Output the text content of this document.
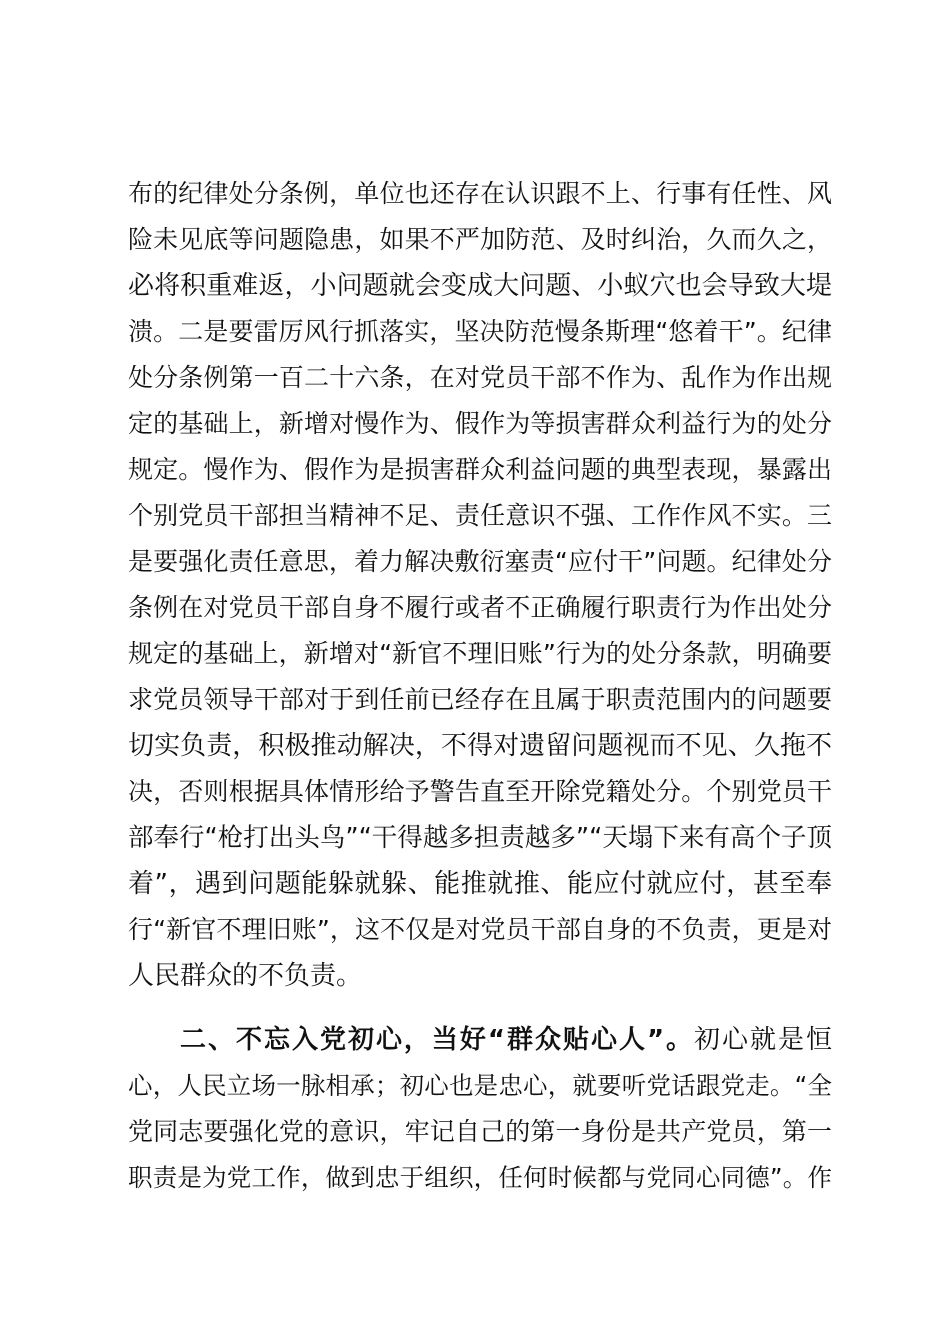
布的纪律处分条例，单位也还存在认识跟不上、行事有任性、风
险未见底等问题隐患，如果不严加防范、及时纠治，久而久之，
必将积重难返，小问题就会变成大问题、小蚁穴也会导致大堤
溃。二是要雷厉风行抓落实，坚决防范慢条斯理“悠着干”。纪律
处分条例第一百二十六条，在对党员干部不作为、乱作为作出规
定的基础上，新增对慢作为、假作为等损害群众利益行为的处分
规定。慢作为、假作为是损害群众利益问题的典型表现，暴露出
个别党员干部担当精神不足、责任意识不强、工作作风不实。三
是要强化责任意思，着力解决敷衍塞责“应付干”问题。纪律处分
条例在对党员干部自身不履行或者不正确履行职责行为作出处分
规定的基础上，新增对“新官不理旧账”行为的处分条款，明确要
求党员领导干部对于到任前已经存在且属于职责范围内的问题要
切实负责，积极推动解决，不得对遗留问题视而不见、久拖不
决，否则根据具体情形给予警告直至开除党籍处分。个别党员干
部奉行“枪打出头鸟”“干得越多担责越多”“天塌下来有高个子顶
着”，遇到问题能躲就躲、能推就推、能应付就应付，甚至奉
行“新官不理旧账”，这不仅是对党员干部自身的不负责，更是对
人民群众的不负责。
二、不忘入党初心，当好“群众贴心人”。初心就是恒
心，人民立场一脉相承；初心也是忠心，就要听党话跟党走。“全
党同志要强化党的意识，牢记自己的第一身份是共产党员，第一
职责是为党工作，做到忠于组织，任何时候都与党同心同德”。作
